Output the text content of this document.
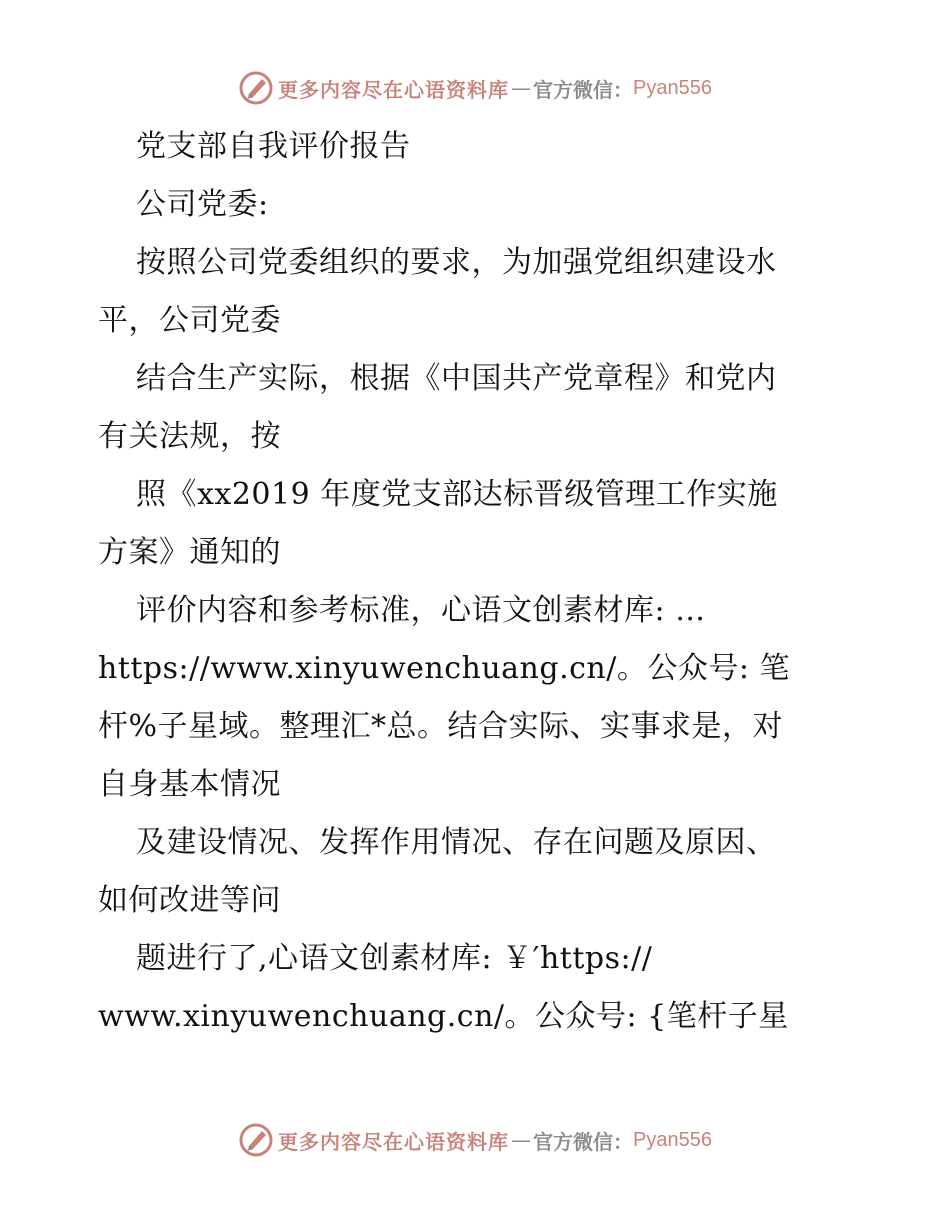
更多内容尽在心语资料库 — 官方微信： Pyan556
党支部自我评价报告
公司党委:
按照公司党委组织的要求，为加强党组织建设水
平，公司党委
结合生产实际，根据《中国共产党章程》和党内
有关法规，按
照《xx2019 年度党支部达标晋级管理工作实施
方案》通知的
评价内容和参考标准，心语文创素材库: …
https://www.xinyuwenchuang.cn/。公众号: 笔
杆%子星域。整理汇*总。结合实际、实事求是，对
自身基本情况
及建设情况、发挥作用情况、存在问题及原因、
如何改进等问
题进行了,心语文创素材库: ￥′https://
www.xinyuwenchuang.cn/。公众号: {笔杆子星
更多内容尽在心语资料库 — 官方微信： Pyan556
